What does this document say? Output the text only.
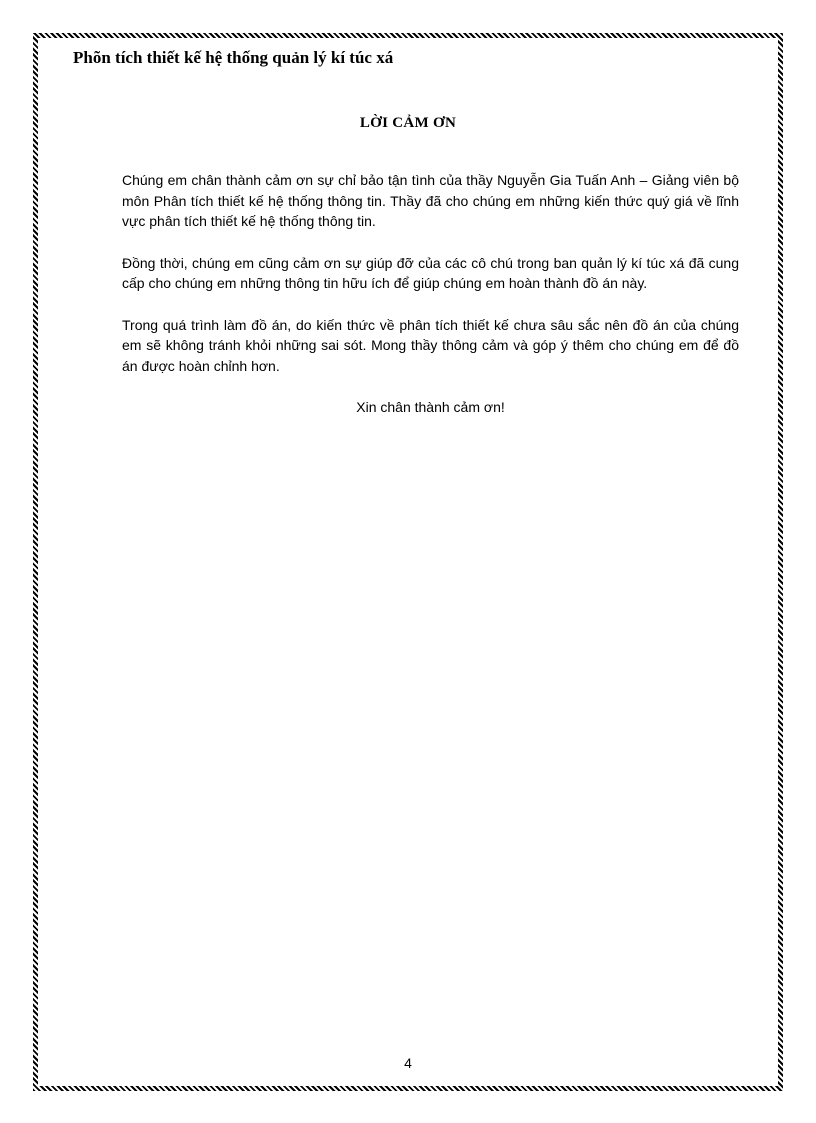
Phõn tích thiết kế hệ thống quản lý kí túc xá
LỜI CẢM ƠN

Chúng em chân thành cảm ơn sự chỉ bảo tận tình của thầy Nguyễn Gia Tuấn Anh – Giảng viên bộ môn Phân tích thiết kế hệ thống thông tin. Thầy đã cho chúng em những kiến thức quý giá về lĩnh vực phân tích thiết kế hệ thống thông tin.

Đồng thời, chúng em cũng cảm ơn sự giúp đỡ của các cô chú trong ban quản lý kí túc xá đã cung cấp cho chúng em những thông tin hữu ích để giúp chúng em hoàn thành đồ án này.

Trong quá trình làm đồ án, do kiến thức về phân tích thiết kế chưa sâu sắc nên đồ án của chúng em sẽ không tránh khỏi những sai sót. Mong thầy thông cảm và góp ý thêm cho chúng em để đồ án được hoàn chỉnh hơn.

Xin chân thành cảm ơn!

4
